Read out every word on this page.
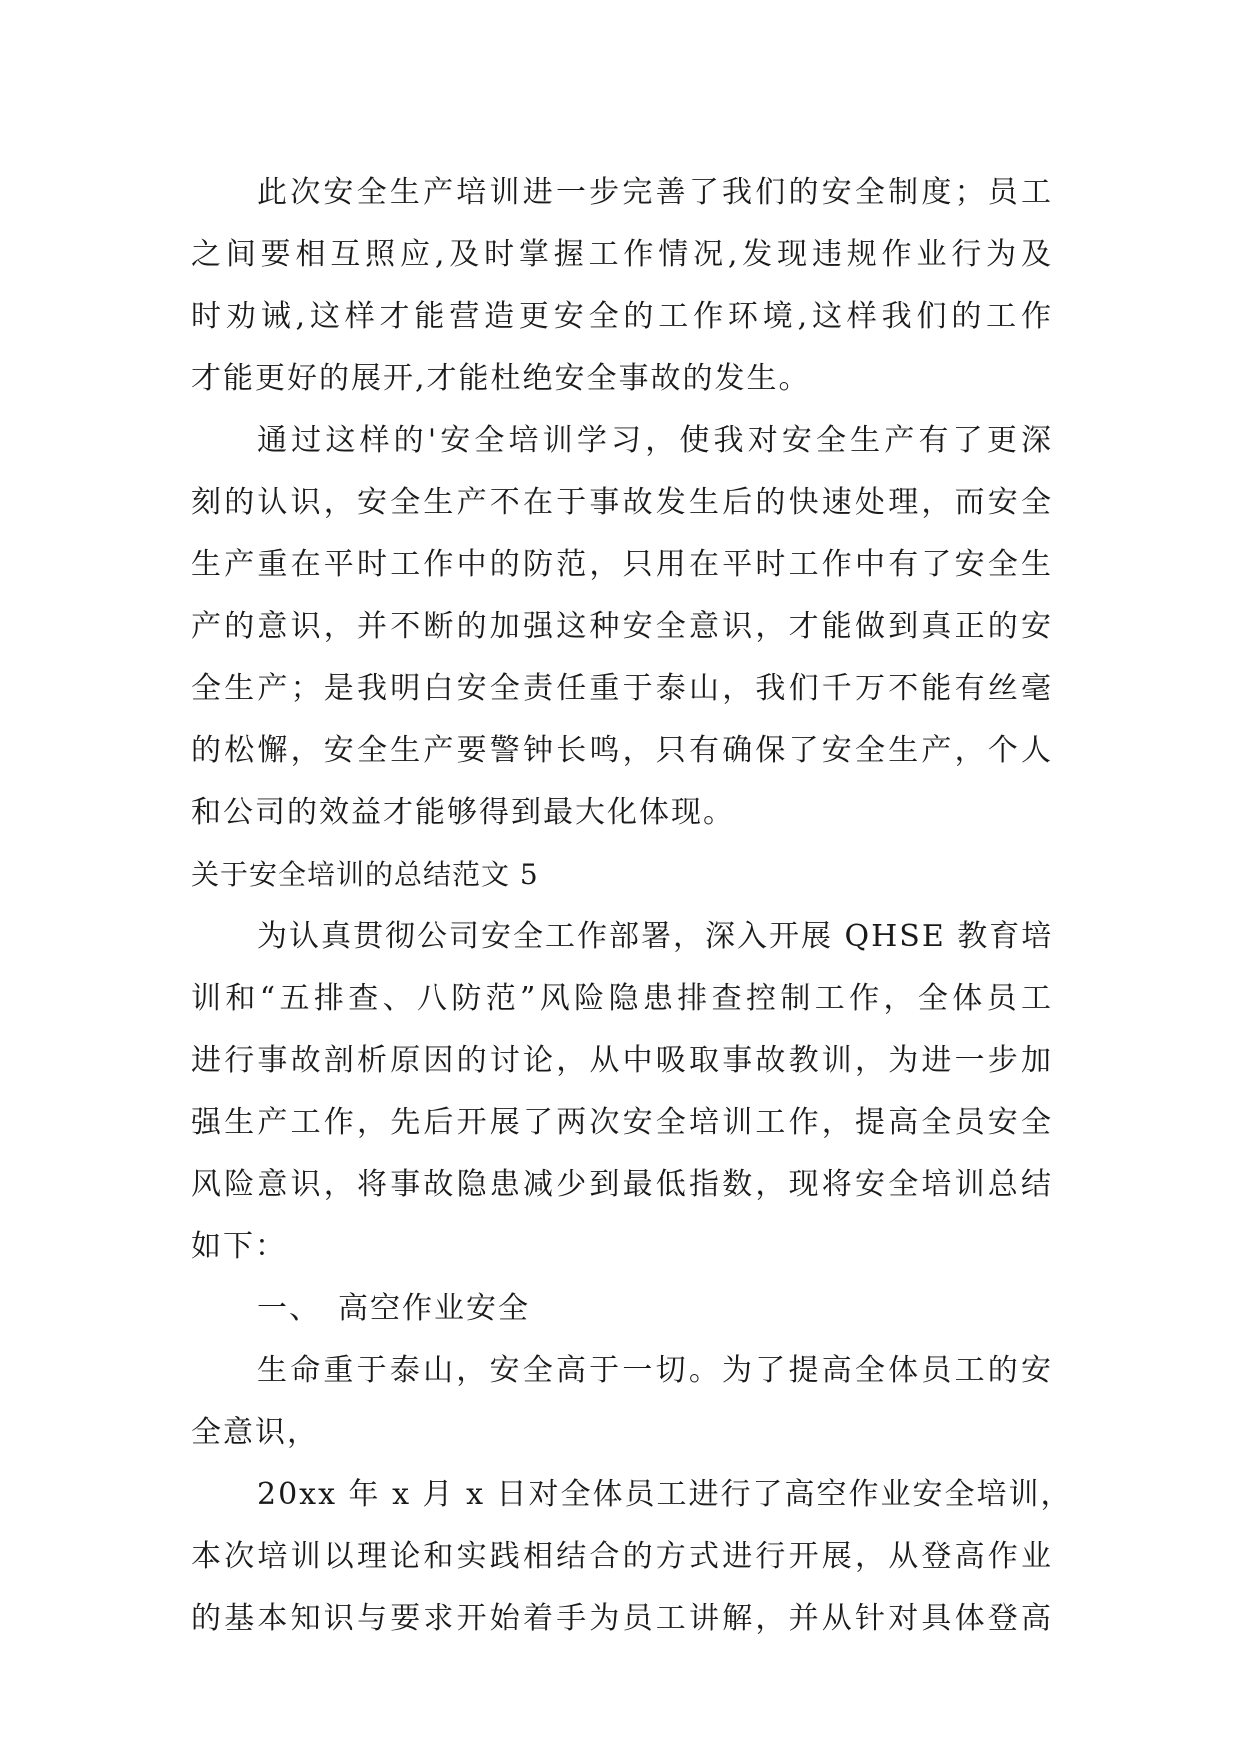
此次安全生产培训进一步完善了我们的安全制度；员工
之间要相互照应,及时掌握工作情况,发现违规作业行为及
时劝诫,这样才能营造更安全的工作环境,这样我们的工作
才能更好的展开,才能杜绝安全事故的发生。
通过这样的'安全培训学习，使我对安全生产有了更深
刻的认识，安全生产不在于事故发生后的快速处理，而安全
生产重在平时工作中的防范，只用在平时工作中有了安全生
产的意识，并不断的加强这种安全意识，才能做到真正的安
全生产；是我明白安全责任重于泰山，我们千万不能有丝毫
的松懈，安全生产要警钟长鸣，只有确保了安全生产，个人
和公司的效益才能够得到最大化体现。
关于安全培训的总结范文 5
为认真贯彻公司安全工作部署，深入开展 QHSE 教育培
训和“五排查、八防范”风险隐患排查控制工作，全体员工
进行事故剖析原因的讨论，从中吸取事故教训，为进一步加
强生产工作，先后开展了两次安全培训工作，提高全员安全
风险意识，将事故隐患减少到最低指数，现将安全培训总结
如下：
一、　高空作业安全
生命重于泰山，安全高于一切。为了提高全体员工的安
全意识，
20xx 年 x 月 x 日对全体员工进行了高空作业安全培训，
本次培训以理论和实践相结合的方式进行开展，从登高作业
的基本知识与要求开始着手为员工讲解，并从针对具体登高
